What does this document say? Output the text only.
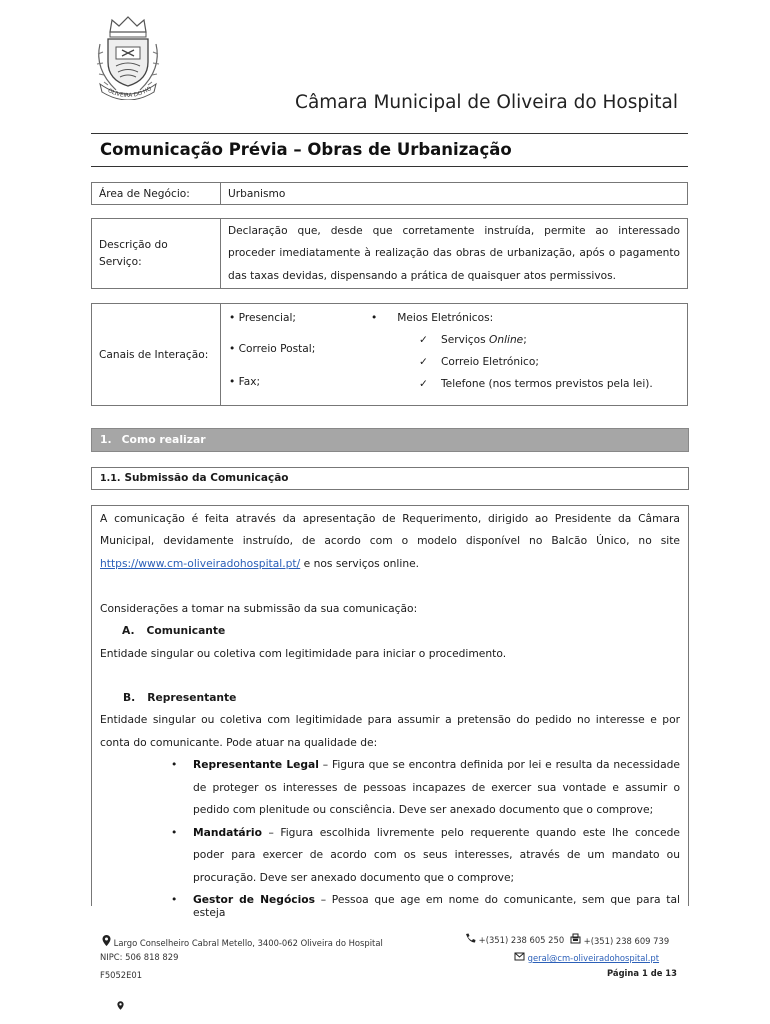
OLIVEIRA DO HO
Câmara Municipal de Oliveira do Hospital
Comunicação Prévia – Obras de Urbanização
Área de Negócio:	Urbanismo
Descrição do Serviço:	
Declaração que, desde que corretamente instruída, permite ao interessado
proceder imediatamente à realização das obras de urbanização, após o pagamento
das taxas devidas, dispensando a prática de quaisquer atos permissivos.
Canais de Interação:	
• Presencial;
• Correio Postal;
• Fax;
• Meios Eletrónicos:
✓ Serviços Online;
✓ Correio Eletrónico;
✓ Telefone (nos termos previstos pela lei).
1. Como realizar
1.1. Submissão da Comunicação
A comunicação é feita através da apresentação de Requerimento, dirigido ao Presidente da Câmara
Municipal, devidamente instruído, de acordo com o modelo disponível no Balcão Único, no site
https://www.cm-oliveiradohospital.pt/ e nos serviços online.
Considerações a tomar na submissão da sua comunicação:
A. Comunicante
Entidade singular ou coletiva com legitimidade para iniciar o procedimento.
B. Representante
Entidade singular ou coletiva com legitimidade para assumir a pretensão do pedido no interesse e por
conta do comunicante. Pode atuar na qualidade de:
• Representante Legal – Figura que se encontra definida por lei e resulta da necessidade
de proteger os interesses de pessoas incapazes de exercer sua vontade e assumir o
pedido com plenitude ou consciência. Deve ser anexado documento que o comprove;
• Mandatário – Figura escolhida livremente pelo requerente quando este lhe concede
poder para exercer de acordo com os seus interesses, através de um mandato ou
procuração. Deve ser anexado documento que o comprove;
• Gestor de Negócios – Pessoa que age em nome do comunicante, sem que para tal esteja
Largo Conselheiro Cabral Metello, 3400-062 Oliveira do Hospital
NIPC: 506 818 829
F5052E01
+(351) 238 605 250	+(351) 238 609 739
geral@cm-oliveiradohospital.pt
Página 1 de 13
